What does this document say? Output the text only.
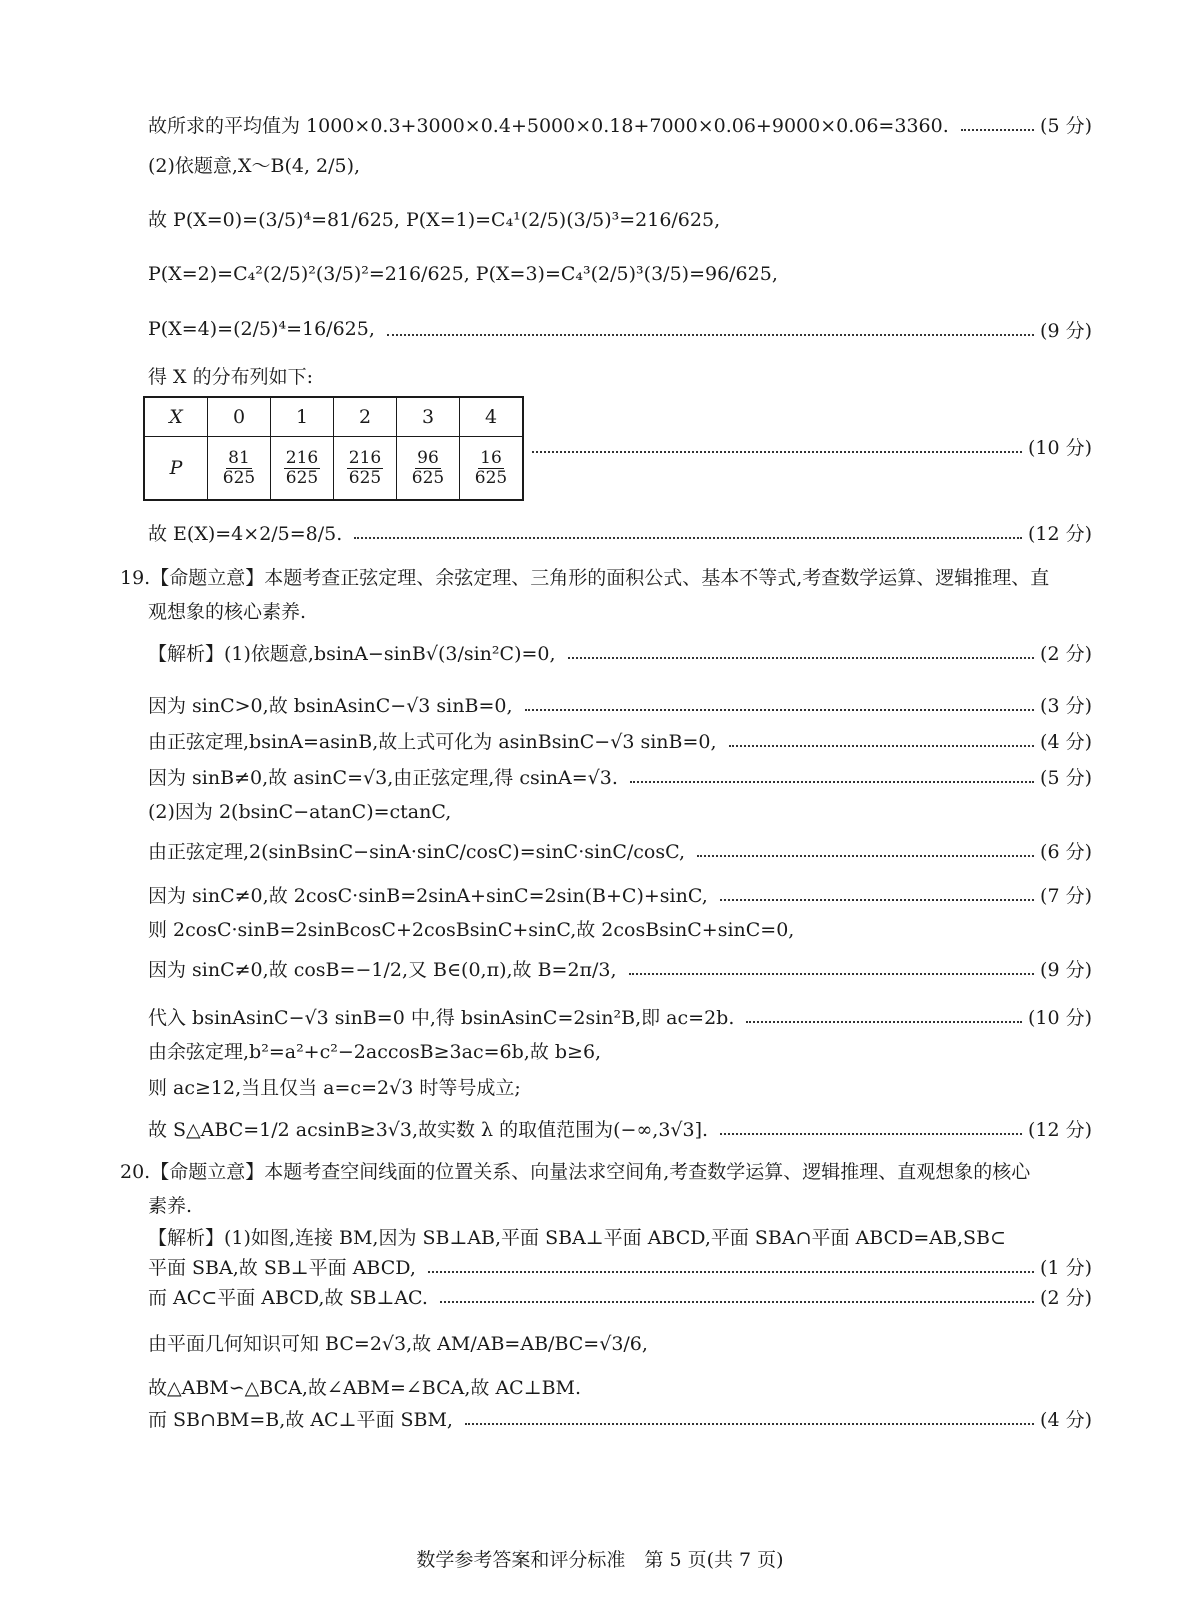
故所求的平均值为 1000×0.3+3000×0.4+5000×0.18+7000×0.06+9000×0.06=3360.	(5 分)
(2)依题意,X～B(4, 2/5),
故 P(X=0)=(3/5)⁴=81/625, P(X=1)=C₄¹(2/5)(3/5)³=216/625,
P(X=2)=C₄²(2/5)²(3/5)²=216/625, P(X=3)=C₄³(2/5)³(3/5)=96/625,
P(X=4)=(2/5)⁴=16/625,	(9 分)
得 X 的分布列如下:
X	0	1	2	3	4
P	$\frac{81}{625}$	$\frac{216}{625}$	$\frac{216}{625}$	$\frac{96}{625}$	$\frac{16}{625}$
(10 分)
故 E(X)=4×2/5=8/5.	(12 分)
19.【命题立意】本题考查正弦定理、余弦定理、三角形的面积公式、基本不等式,考查数学运算、逻辑推理、直
观想象的核心素养.
【解析】(1)依题意,bsinA−sinB√(3/sin²C)=0,	(2 分)
因为 sinC>0,故 bsinAsinC−√3 sinB=0,	(3 分)
由正弦定理,bsinA=asinB,故上式可化为 asinBsinC−√3 sinB=0,	(4 分)
因为 sinB≠0,故 asinC=√3,由正弦定理,得 csinA=√3.	(5 分)
(2)因为 2(bsinC−atanC)=ctanC,
由正弦定理,2(sinBsinC−sinA·sinC/cosC)=sinC·sinC/cosC,	(6 分)
因为 sinC≠0,故 2cosC·sinB=2sinA+sinC=2sin(B+C)+sinC,	(7 分)
则 2cosC·sinB=2sinBcosC+2cosBsinC+sinC,故 2cosBsinC+sinC=0,
因为 sinC≠0,故 cosB=−1/2,又 B∈(0,π),故 B=2π/3,	(9 分)
代入 bsinAsinC−√3 sinB=0 中,得 bsinAsinC=2sin²B,即 ac=2b.	(10 分)
由余弦定理,b²=a²+c²−2accosB≥3ac=6b,故 b≥6,
则 ac≥12,当且仅当 a=c=2√3 时等号成立;
故 S△ABC=1/2 acsinB≥3√3,故实数 λ 的取值范围为(−∞,3√3].	(12 分)
20.【命题立意】本题考查空间线面的位置关系、向量法求空间角,考查数学运算、逻辑推理、直观想象的核心
素养.
【解析】(1)如图,连接 BM,因为 SB⊥AB,平面 SBA⊥平面 ABCD,平面 SBA∩平面 ABCD=AB,SB⊂
平面 SBA,故 SB⊥平面 ABCD,	(1 分)
而 AC⊂平面 ABCD,故 SB⊥AC.	(2 分)
由平面几何知识可知 BC=2√3,故 AM/AB=AB/BC=√3/6,
故△ABM∽△BCA,故∠ABM=∠BCA,故 AC⊥BM.
而 SB∩BM=B,故 AC⊥平面 SBM,	(4 分)
数学参考答案和评分标准　第 5 页(共 7 页)
